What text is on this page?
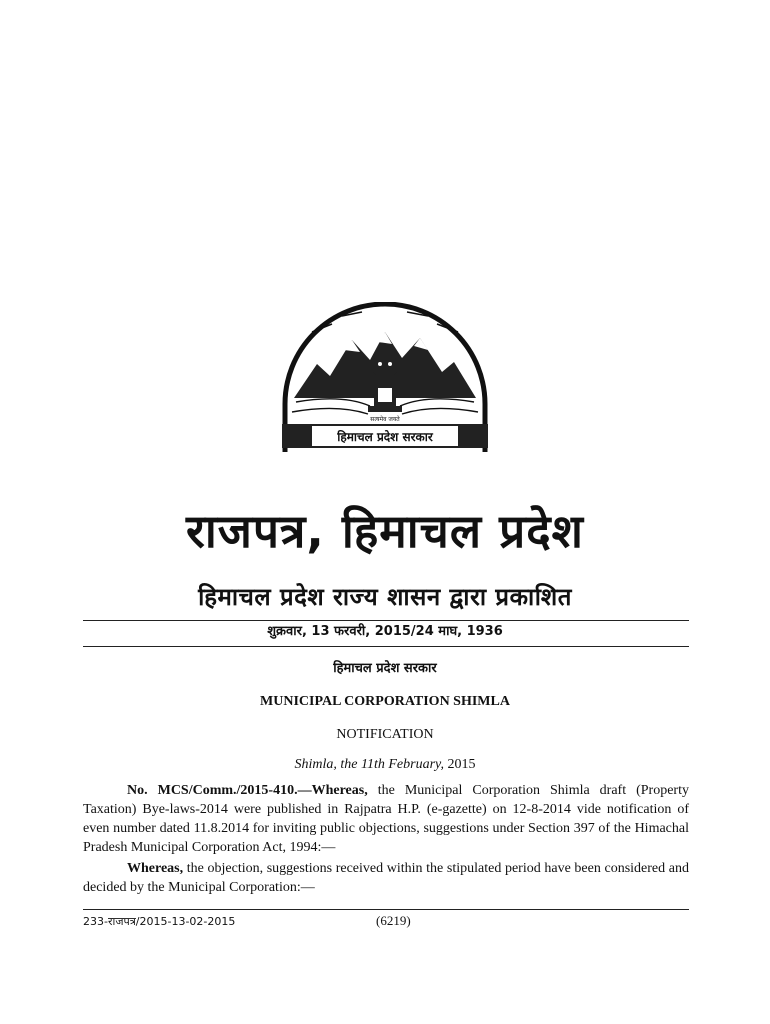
सत्यमेव जयते
हिमाचल प्रदेश सरकार
राजपत्र, हिमाचल प्रदेश
हिमाचल प्रदेश राज्य शासन द्वारा प्रकाशित
शुक्रवार, 13 फरवरी, 2015/24 माघ, 1936
हिमाचल प्रदेश सरकार
MUNICIPAL CORPORATION SHIMLA
NOTIFICATION
Shimla, the 11th February, 2015
No. MCS/Comm./2015-410.—Whereas, the Municipal Corporation Shimla draft (Property Taxation) Bye-laws-2014 were published in Rajpatra H.P. (e-gazette) on 12-8-2014 vide notification of even number dated 11.8.2014 for inviting public objections, suggestions under Section 397 of the Himachal Pradesh Municipal Corporation Act, 1994:—
Whereas, the objection, suggestions received within the stipulated period have been considered and decided by the Municipal Corporation:—
233-राजपत्र/2015-13-02-2015	(6219)
